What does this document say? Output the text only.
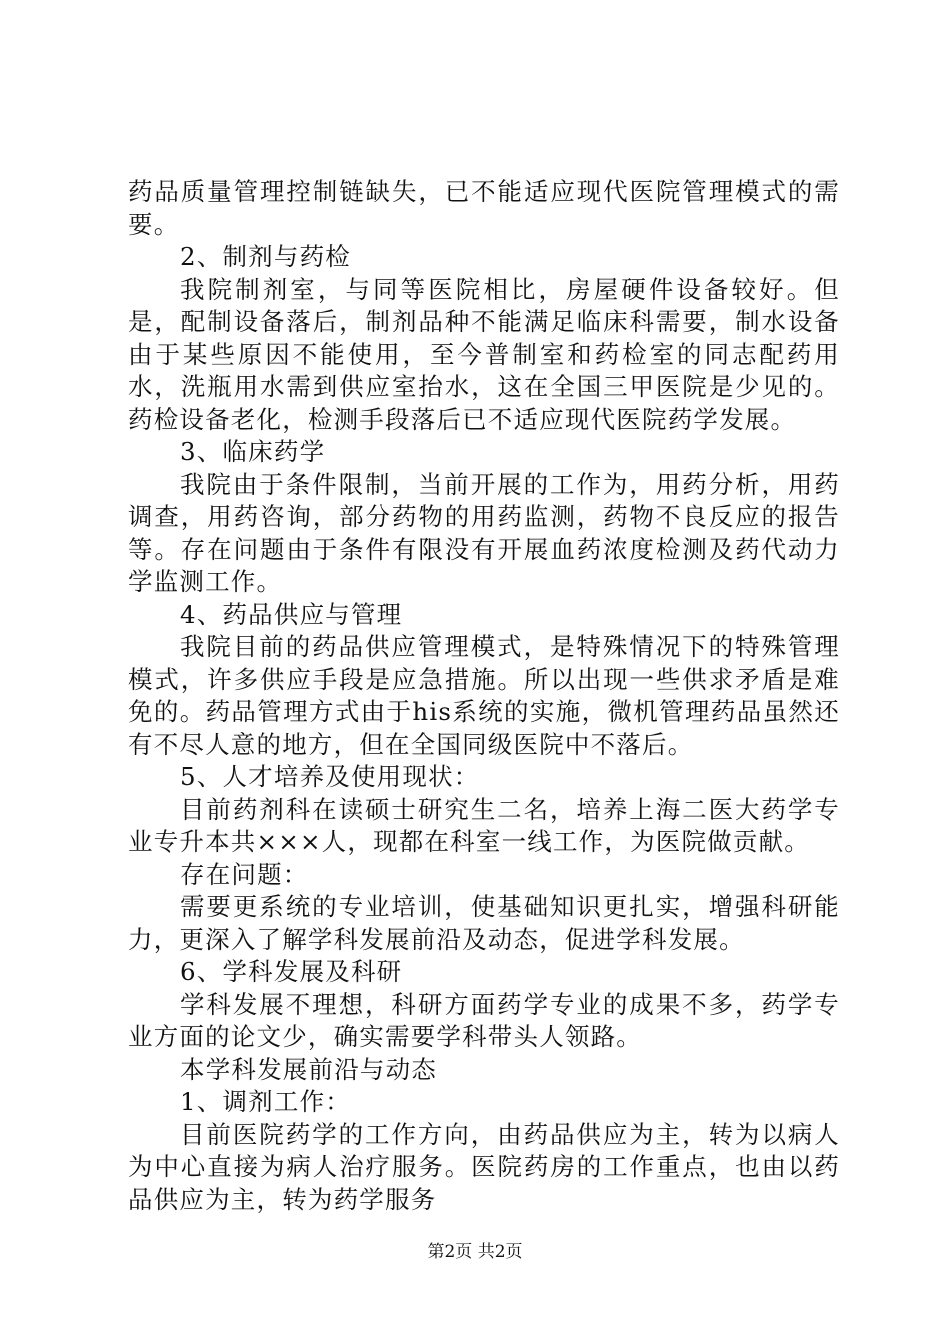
药品质量管理控制链缺失，已不能适应现代医院管理模式的需要。

2、制剂与药检

我院制剂室，与同等医院相比，房屋硬件设备较好。但是，配制设备落后，制剂品种不能满足临床科需要，制水设备由于某些原因不能使用，至今普制室和药检室的同志配药用水，洗瓶用水需到供应室抬水，这在全国三甲医院是少见的。药检设备老化，检测手段落后已不适应现代医院药学发展。

3、临床药学

我院由于条件限制，当前开展的工作为，用药分析，用药调查，用药咨询，部分药物的用药监测，药物不良反应的报告等。存在问题由于条件有限没有开展血药浓度检测及药代动力学监测工作。

4、药品供应与管理

我院目前的药品供应管理模式，是特殊情况下的特殊管理模式，许多供应手段是应急措施。所以出现一些供求矛盾是难免的。药品管理方式由于his系统的实施，微机管理药品虽然还有不尽人意的地方，但在全国同级医院中不落后。

5、人才培养及使用现状：

目前药剂科在读硕士研究生二名，培养上海二医大药学专业专升本共×××人，现都在科室一线工作，为医院做贡献。

存在问题：

需要更系统的专业培训，使基础知识更扎实，增强科研能力，更深入了解学科发展前沿及动态，促进学科发展。

6、学科发展及科研

学科发展不理想，科研方面药学专业的成果不多，药学专业方面的论文少，确实需要学科带头人领路。

本学科发展前沿与动态

1、调剂工作：

目前医院药学的工作方向，由药品供应为主，转为以病人为中心直接为病人治疗服务。医院药房的工作重点，也由以药品供应为主，转为药学服务

第2页 共2页
